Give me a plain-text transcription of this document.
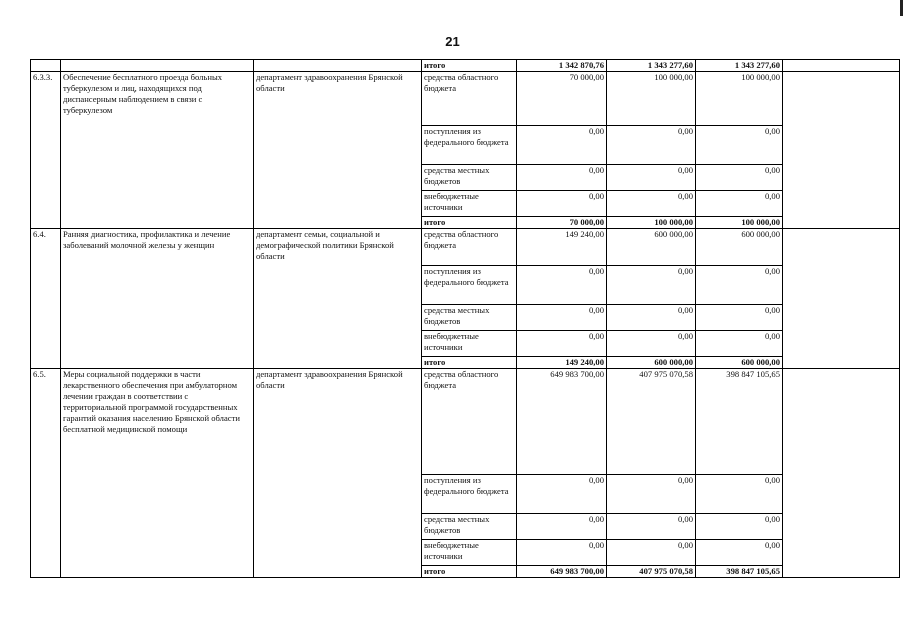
21
			итого	1 342 870,76	1 343 277,60	1 343 277,60	
6.3.3.	Обеспечение бесплатного проезда больных туберкулезом и лиц, находящихся под диспансерным наблюдением в связи с туберкулезом	департамент здравоохранения Брянской области	средства областного бюджета	70 000,00	100 000,00	100 000,00	
			поступления из федерального бюджета	0,00	0,00	0,00	
			средства местных бюджетов	0,00	0,00	0,00	
			внебюджетные источники	0,00	0,00	0,00	
			итого	70 000,00	100 000,00	100 000,00	
6.4.	Ранняя диагностика, профилактика и лечение заболеваний молочной железы у женщин	департамент семьи, социальной и демографической политики Брянской области	средства областного бюджета	149 240,00	600 000,00	600 000,00	
			поступления из федерального бюджета	0,00	0,00	0,00	
			средства местных бюджетов	0,00	0,00	0,00	
			внебюджетные источники	0,00	0,00	0,00	
			итого	149 240,00	600 000,00	600 000,00	
6.5.	Меры социальной поддержки в части лекарственного обеспечения при амбулаторном лечении граждан в соответствии с территориальной программой государственных гарантий оказания населению Брянской области бесплатной медицинской помощи	департамент здравоохранения Брянской области	средства областного бюджета	649 983 700,00	407 975 070,58	398 847 105,65	
			поступления из федерального бюджета	0,00	0,00	0,00	
			средства местных бюджетов	0,00	0,00	0,00	
			внебюджетные источники	0,00	0,00	0,00	
			итого	649 983 700,00	407 975 070,58	398 847 105,65	
